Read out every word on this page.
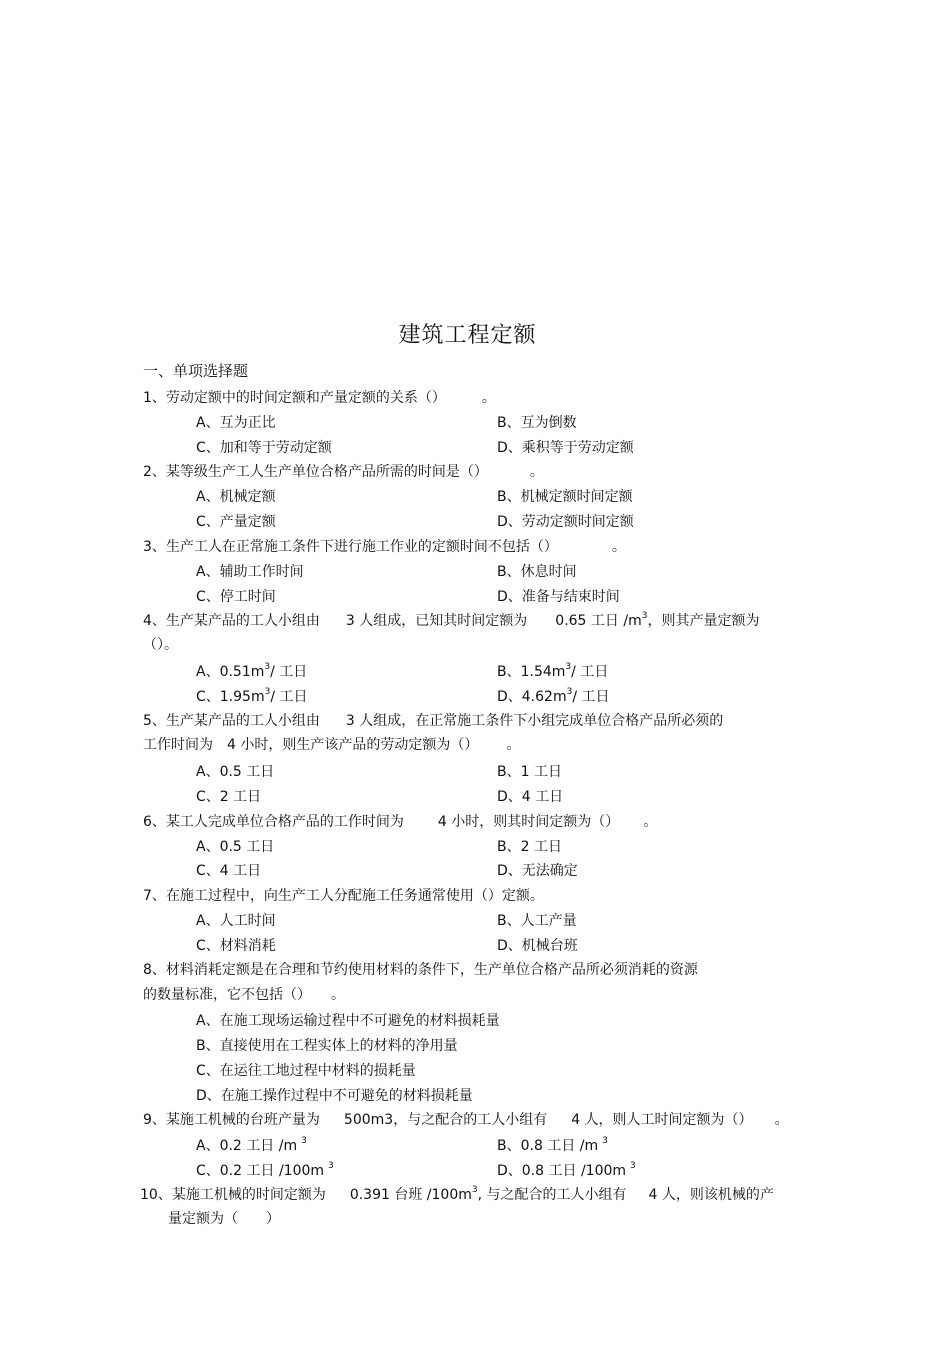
建筑工程定额
一、单项选择题
1、劳动定额中的时间定额和产量定额的关系（）	。
A、互为正比	B、互为倒数
C、加和等于劳动定额	D、乘积等于劳动定额
2、某等级生产工人生产单位合格产品所需的时间是（）	。
A、机械定额	B、机械定额时间定额
C、产量定额	D、劳动定额时间定额
3、生产工人在正常施工条件下进行施工作业的定额时间不包括（）	。
A、辅助工作时间	B、休息时间
C、停工时间	D、准备与结束时间
4、生产某产品的工人小组由 3 人组成，已知其时间定额为 0.65 工日 $/m^3$，则其产量定额为
（）。
A、$0.51m^3/$ 工日	B、$1.54m^3/$ 工日
C、$1.95m^3/$ 工日	D、$4.62m^3/$ 工日
5、生产某产品的工人小组由 3 人组成，在正常施工条件下小组完成单位合格产品所必须的
工作时间为 4 小时，则生产该产品的劳动定额为（） 。
A、0.5 工日	B、1 工日
C、2 工日	D、4 工日
6、某工人完成单位合格产品的工作时间为 4 小时，则其时间定额为（） 。
A、0.5 工日	B、2 工日
C、4 工日	D、无法确定
7、在施工过程中，向生产工人分配施工任务通常使用（）定额。
A、人工时间	B、人工产量
C、材料消耗	D、机械台班
8、材料消耗定额是在合理和节约使用材料的条件下，生产单位合格产品所必须消耗的资源
的数量标准，它不包括（） 。
A、在施工现场运输过程中不可避免的材料损耗量
B、直接使用在工程实体上的材料的净用量
C、在运往工地过程中材料的损耗量
D、在施工操作过程中不可避免的材料损耗量
9、某施工机械的台班产量为 500m3，与之配合的工人小组有 4 人，则人工时间定额为（） 。
A、0.2 工日 /m $^3$	B、0.8 工日 /m $^3$
C、0.2 工日 /100m $^3$	D、0.8 工日 /100m $^3$
10、某施工机械的时间定额为 0.391 台班 $/100m^3$, 与之配合的工人小组有 4 人，则该机械的产
量定额为（　　）
